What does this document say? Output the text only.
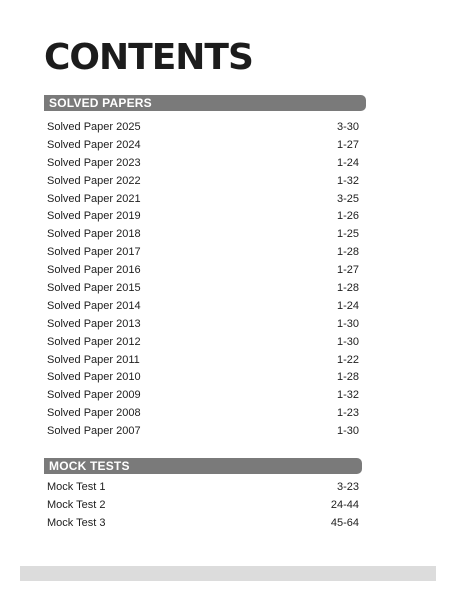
CONTENTS
SOLVED PAPERS
Solved Paper 2025	3-30
Solved Paper 2024	1-27
Solved Paper 2023	1-24
Solved Paper 2022	1-32
Solved Paper 2021	3-25
Solved Paper 2019	1-26
Solved Paper 2018	1-25
Solved Paper 2017	1-28
Solved Paper 2016	1-27
Solved Paper 2015	1-28
Solved Paper 2014	1-24
Solved Paper 2013	1-30
Solved Paper 2012	1-30
Solved Paper 2011	1-22
Solved Paper 2010	1-28
Solved Paper 2009	1-32
Solved Paper 2008	1-23
Solved Paper 2007	1-30
MOCK TESTS
Mock Test 1	3-23
Mock Test 2	24-44
Mock Test 3	45-64
